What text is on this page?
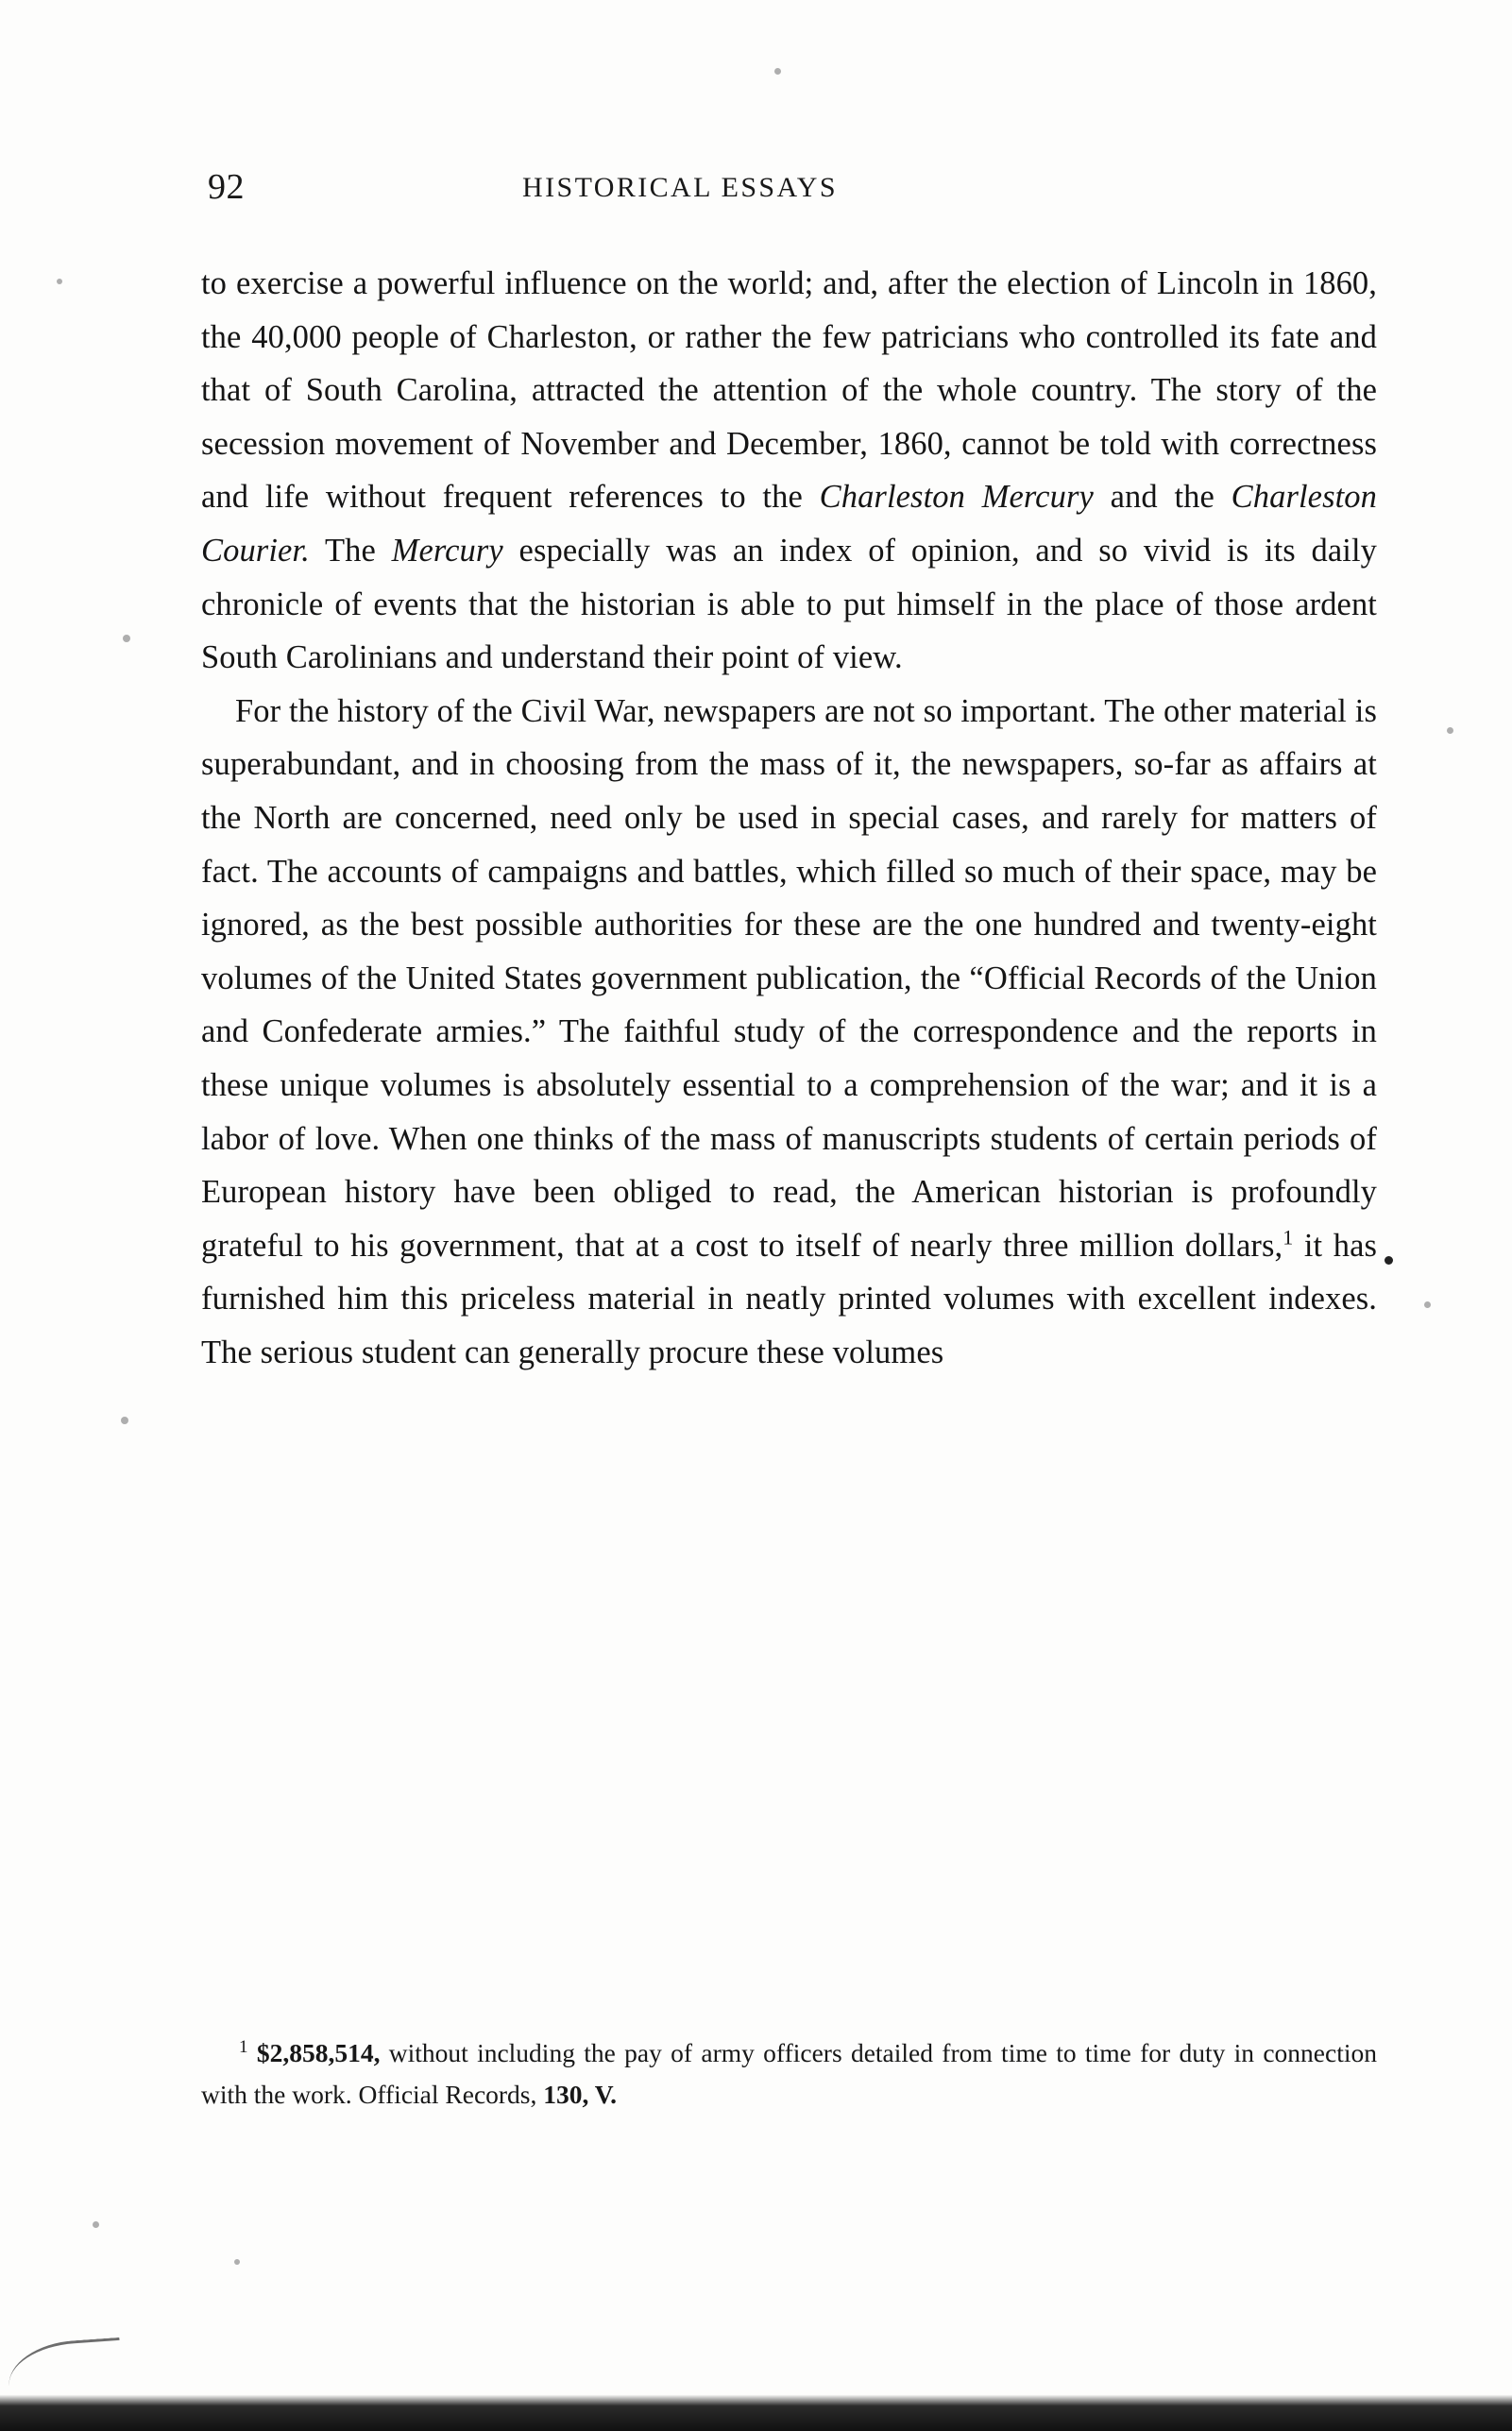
92	HISTORICAL ESSAYS

to exercise a powerful influence on the world; and, after the election of Lincoln in 1860, the 40,000 people of Charleston, or rather the few patricians who controlled its fate and that of South Carolina, attracted the attention of the whole country. The story of the secession movement of November and December, 1860, cannot be told with correctness and life without frequent references to the Charleston Mercury and the Charleston Courier. The Mercury especially was an index of opinion, and so vivid is its daily chronicle of events that the historian is able to put himself in the place of those ardent South Carolinians and understand their point of view.

For the history of the Civil War, newspapers are not so important. The other material is superabundant, and in choosing from the mass of it, the newspapers, so-far as affairs at the North are concerned, need only be used in special cases, and rarely for matters of fact. The accounts of campaigns and battles, which filled so much of their space, may be ignored, as the best possible authorities for these are the one hundred and twenty-eight volumes of the United States government publication, the “Official Records of the Union and Confederate armies.” The faithful study of the correspondence and the reports in these unique volumes is absolutely essential to a comprehension of the war; and it is a labor of love. When one thinks of the mass of manuscripts students of certain periods of European history have been obliged to read, the American historian is profoundly grateful to his government, that at a cost to itself of nearly three million dollars,$^1$ it has furnished him this priceless material in neatly printed volumes with excellent indexes. The serious student can generally procure these volumes

$^1$ $2,858,514, without including the pay of army officers detailed from time to time for duty in connection with the work. Official Records, 130, V.
